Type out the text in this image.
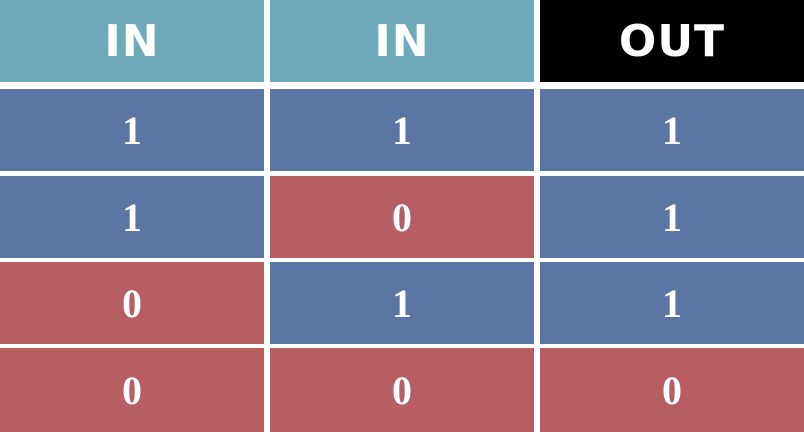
IN	IN	OUT
1	1	1
1	0	1
0	1	1
0	0	0
